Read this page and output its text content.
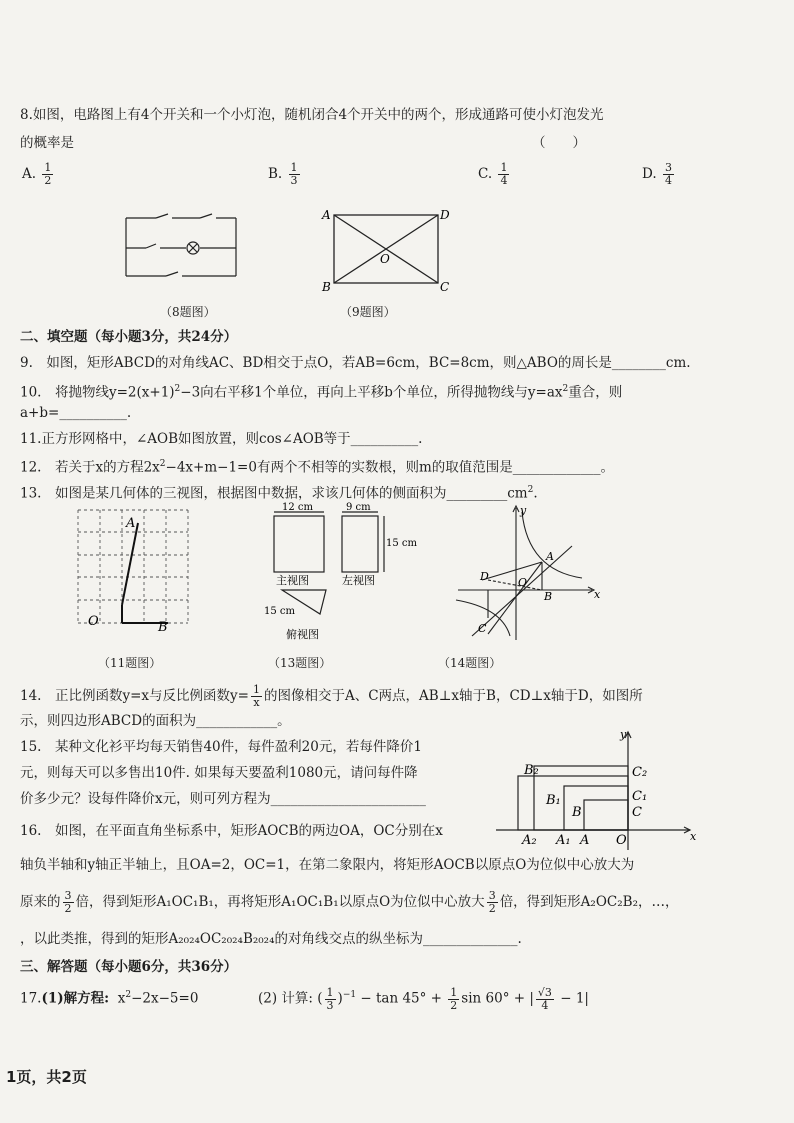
8.如图，电路图上有4个开关和一个小灯泡，随机闭合4个开关中的两个，形成通路可使小灯泡发光
的概率是	（　　）
A. $\frac{1}{2}$	B. $\frac{1}{3}$	C. $\frac{1}{4}$	D. $\frac{3}{4}$
（8题图）
A	D
B	C
O
（9题图）
二、填空题（每小题3分，共24分）
9.　如图，矩形ABCD的对角线AC、BD相交于点O，若AB=6cm，BC=8cm，则△ABO的周长是________cm.
10.　将抛物线$y=2(x+1)^2-3$向右平移1个单位，再向上平移b个单位，所得抛物线与$y=ax^2$重合，则
a+b=__________.
11.正方形网格中，∠AOB如图放置，则cos∠AOB等于__________.
12.　若关于x的方程$2x^2-4x+m-1=0$有两个不相等的实数根，则m的取值范围是_____________。
13.　如图是某几何体的三视图，根据图中数据，求该几何体的侧面积为$\_\_\_\_\_\_\_\_\_cm^2$.
A
O	B
（11题图）
12 cm	9 cm
15 cm
15 cm
主视图	左视图
俯视图
（13题图）
y
x
A
O
B
D
C
（14题图）
14.　正比例函数y=x与反比例函数$y= \frac{1}{x}$ 的图像相交于A、C两点，AB⊥x轴于B，CD⊥x轴于D，如图所
示，则四边形ABCD的面积为____________。
15.　某种文化衫平均每天销售40件，每件盈利20元，若每件降价1
元，则每天可以多售出10件. 如果每天要盈利1080元，请问每件降
价多少元？设每件降价x元，则可列方程为_______________________
y
x
B₂
B₁
B
C₂
C₁
C
A₂ A₁ A O
16.　如图，在平面直角坐标系中，矩形AOCB的两边OA，OC分别在x
轴负半轴和y轴正半轴上，且OA=2，OC=1，在第二象限内，将矩形AOCB以原点O为位似中心放大为
原来的 $\frac{3}{2}$ 倍，得到矩形A₁OC₁B₁，再将矩形A₁OC₁B₁以原点O为位似中心放大 $\frac{3}{2}$ 倍，得到矩形A₂OC₂B₂，…，
，以此类推，得到的矩形A₂₀₂₄OC₂₀₂₄B₂₀₂₄的对角线交点的纵坐标为______________.
三、解答题（每小题6分，共36分）
17.(1)解方程: $x^2-2x-5=0$	(2) 计算: ( $\frac{1}{3} )^{-1} - \tan 45^\circ + \frac{1}{2}$ sin 60° + | $\frac{√3}{4} - 1|$
1页，共2页
